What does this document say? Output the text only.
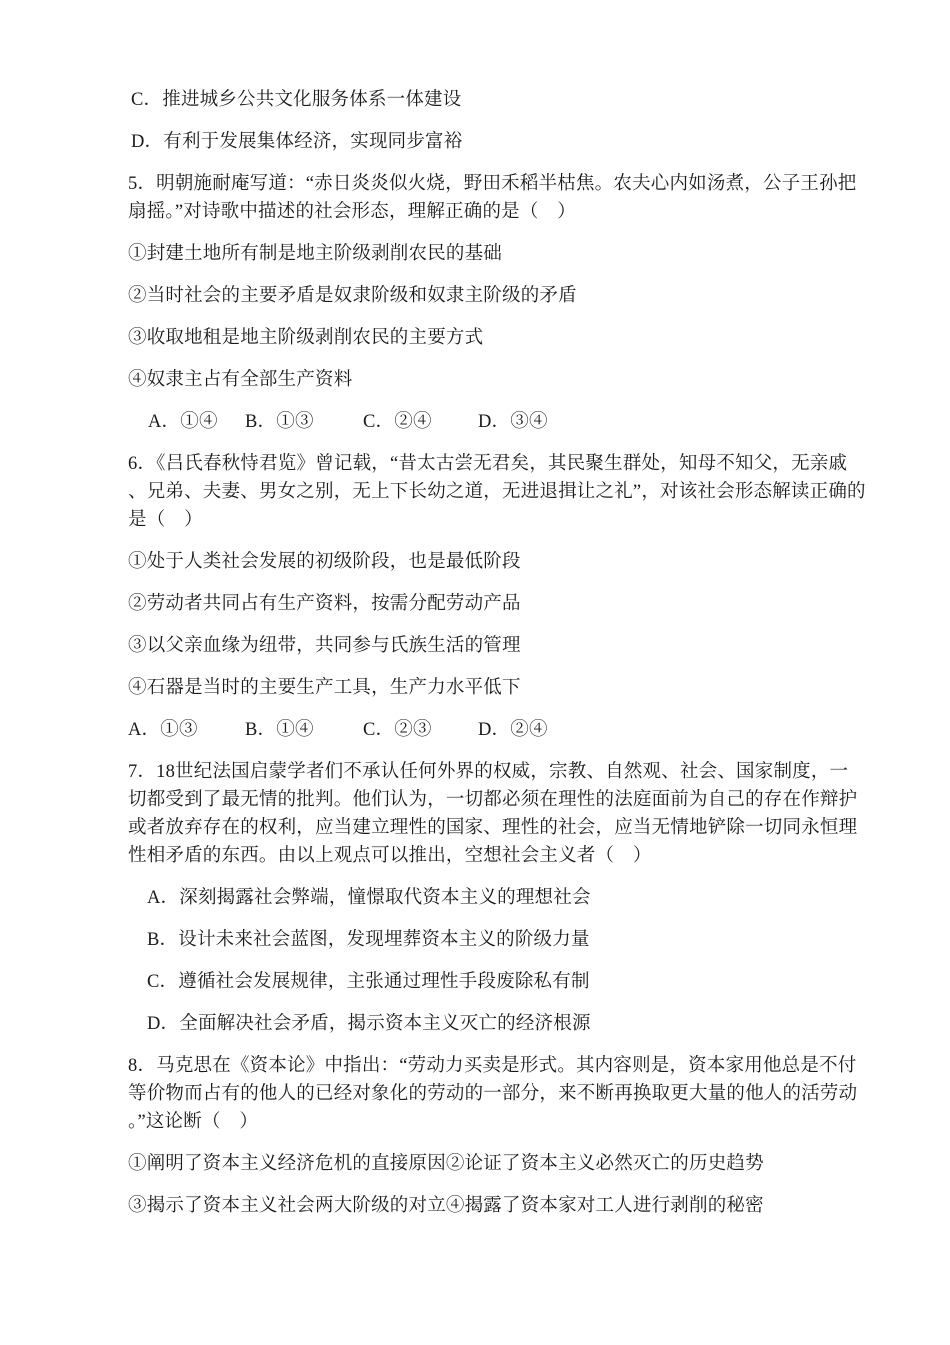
C．推进城乡公共文化服务体系一体建设

D．有利于发展集体经济，实现同步富裕

5．明朝施耐庵写道：“赤日炎炎似火烧，野田禾稻半枯焦。农夫心内如汤煮，公子王孙把
扇摇。”对诗歌中描述的社会形态，理解正确的是（　）

①封建土地所有制是地主阶级剥削农民的基础

②当时社会的主要矛盾是奴隶阶级和奴隶主阶级的矛盾

③收取地租是地主阶级剥削农民的主要方式

④奴隶主占有全部生产资料

A．①④ B．①③	C．②④	D．③④
6．《吕氏春秋恃君览》曾记载，“昔太古尝无君矣，其民聚生群处，知母不知父，无亲戚
、兄弟、夫妻、男女之别，无上下长幼之道，无进退揖让之礼”，对该社会形态解读正确的
是（　）

①处于人类社会发展的初级阶段，也是最低阶段

②劳动者共同占有生产资料，按需分配劳动产品

③以父亲血缘为纽带，共同参与氏族生活的管理

④石器是当时的主要生产工具，生产力水平低下

A．①③	B．①④	C．②③	D．②④
7．18世纪法国启蒙学者们不承认任何外界的权威，宗教、自然观、社会、国家制度，一
切都受到了最无情的批判。他们认为，一切都必须在理性的法庭面前为自己的存在作辩护
或者放弃存在的权利，应当建立理性的国家、理性的社会，应当无情地铲除一切同永恒理
性相矛盾的东西。由以上观点可以推出，空想社会主义者（　）

A．深刻揭露社会弊端，憧憬取代资本主义的理想社会

B．设计未来社会蓝图，发现埋葬资本主义的阶级力量

C．遵循社会发展规律，主张通过理性手段废除私有制

D．全面解决社会矛盾，揭示资本主义灭亡的经济根源

8．马克思在《资本论》中指出：“劳动力买卖是形式。其内容则是，资本家用他总是不付
等价物而占有的他人的已经对象化的劳动的一部分，来不断再换取更大量的他人的活劳动
。”这论断（　）

①阐明了资本主义经济危机的直接原因②论证了资本主义必然灭亡的历史趋势

③揭示了资本主义社会两大阶级的对立④揭露了资本家对工人进行剥削的秘密
